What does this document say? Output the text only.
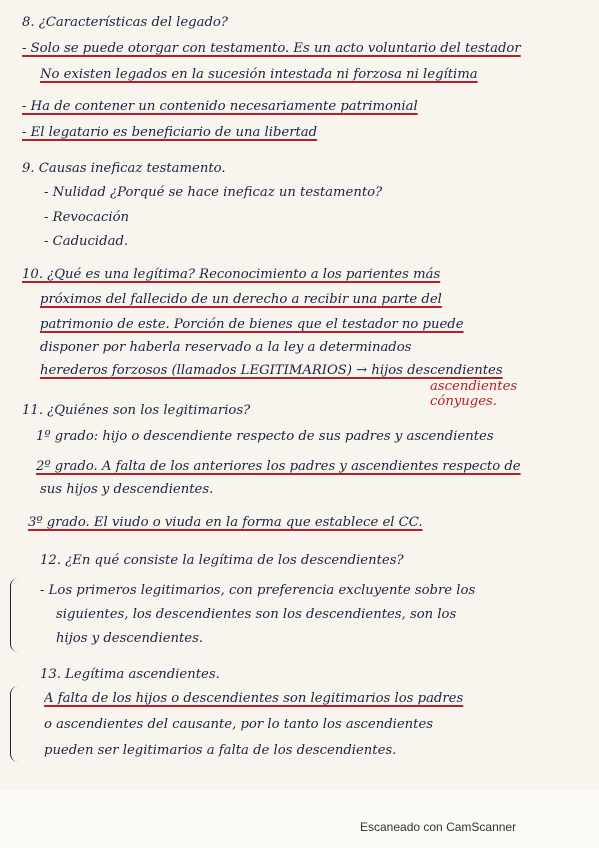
8. ¿Características del legado?
- Solo se puede otorgar con testamento. Es un acto voluntario del testador
No existen legados en la sucesión intestada ni forzosa ni legítima
- Ha de contener un contenido necesariamente patrimonial
- El legatario es beneficiario de una libertad
9. Causas ineficaz testamento.
- Nulidad ¿Porqué se hace ineficaz un testamento?
- Revocación
- Caducidad.
10. ¿Qué es una legítima? Reconocimiento a los parientes más
próximos del fallecido de un derecho a recibir una parte del
patrimonio de este. Porción de bienes que el testador no puede
disponer por haberla reservado a la ley a determinados
herederos forzosos (llamados LEGITIMARIOS) → hijos descendientes
ascendientes
cónyuges.
11. ¿Quiénes son los legitimarios?
1º grado: hijo o descendiente respecto de sus padres y ascendientes
2º grado. A falta de los anteriores los padres y ascendientes respecto de
sus hijos y descendientes.
3º grado. El viudo o viuda en la forma que establece el CC.
12. ¿En qué consiste la legítima de los descendientes?
- Los primeros legitimarios, con preferencia excluyente sobre los
siguientes, los descendientes son los descendientes, son los
hijos y descendientes.
13. Legítima ascendientes.
A falta de los hijos o descendientes son legitimarios los padres
o ascendientes del causante, por lo tanto los ascendientes
pueden ser legitimarios a falta de los descendientes.
Escaneado con CamScanner
